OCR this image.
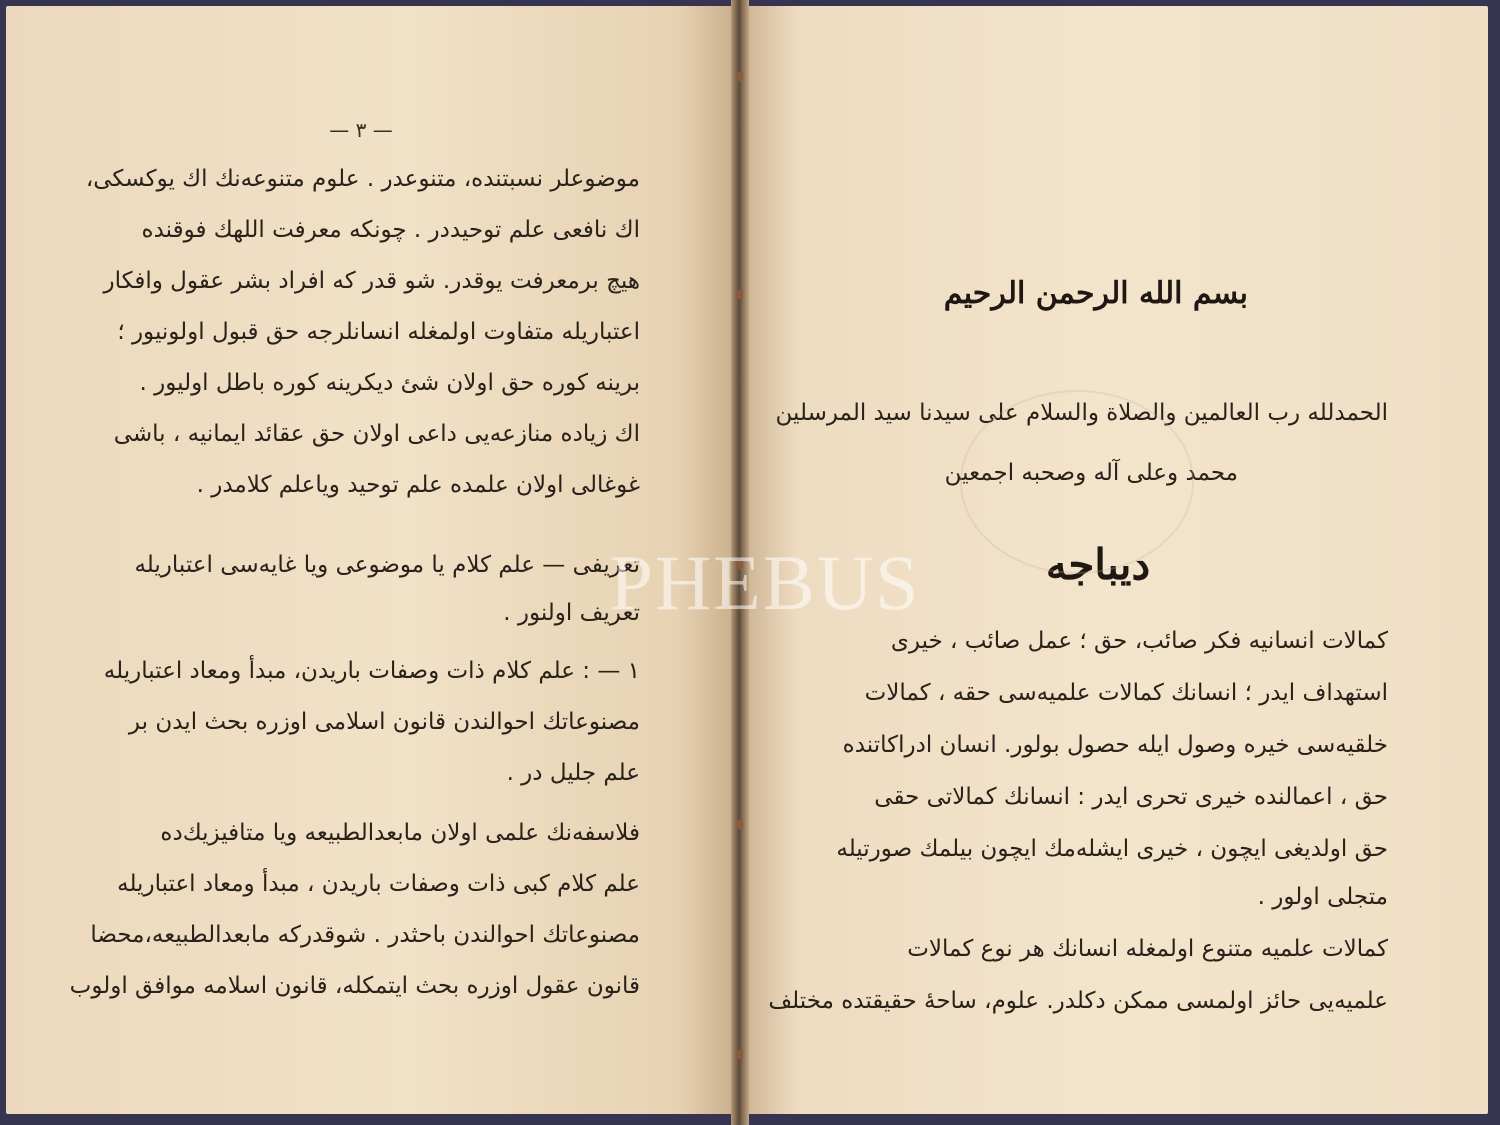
— ٣ —
موضوعلر نسبتنده، متنوعدر . علوم متنوعه‌نك اك يوكسكى،
اك نافعى علم توحيددر . چونكه معرفت اللهك فوقنده
هيچ برمعرفت يوقدر. شو قدر كه افراد بشر عقول وافكار
اعتباريله متفاوت اولمغله انسانلرجه حق قبول اولونيور ؛
برينه كوره حق اولان شئ ديكرينه كوره باطل اوليور .
اك زياده منازعه‌يى داعى اولان حق عقائد ايمانيه ، باشى
غوغالى اولان علمده علم توحيد وياعلم كلامدر .
تعريفى — علم كلام يا موضوعى ويا غايه‌سى اعتباريله
تعريف اولنور .
١ — : علم كلام ذات وصفات باريدن، مبدأ ومعاد اعتباريله
مصنوعاتك احوالندن قانون اسلامى اوزره بحث ايدن بر
علم جليل در .
فلاسفه‌نك علمى اولان مابعدالطبيعه ويا متافيزيك‌ده
علم كلام كبى ذات وصفات باريدن ، مبدأ ومعاد اعتباريله
مصنوعاتك احوالندن باحثدر . شوقدركه مابعدالطبيعه،محضا
قانون عقول اوزره بحث ايتمكله، قانون اسلامه موافق اولوب
بسم الله الرحمن الرحيم
الحمدلله رب العالمين والصلاة والسلام على سيدنا سيد المرسلين
محمد وعلى آله وصحبه اجمعين
ديباجه
كمالات انسانيه فكر صائب، حق ؛ عمل صائب ، خيرى
استهداف ايدر ؛ انسانك كمالات علميه‌سى حقه ، كمالات
خلقيه‌سى خيره وصول ايله حصول بولور. انسان ادراكاتنده
حق ، اعمالنده خيرى تحرى ايدر : انسانك كمالاتى حقى
حق اولديغى ايچون ، خيرى ايشله‌مك ايچون بيلمك صورتيله
متجلى اولور .
كمالات علميه متنوع اولمغله انسانك هر نوع كمالات
علميه‌يى حائز اولمسى ممكن دكلدر. علوم، ساحهٔ حقيقتده مختلف
PHEBUS
